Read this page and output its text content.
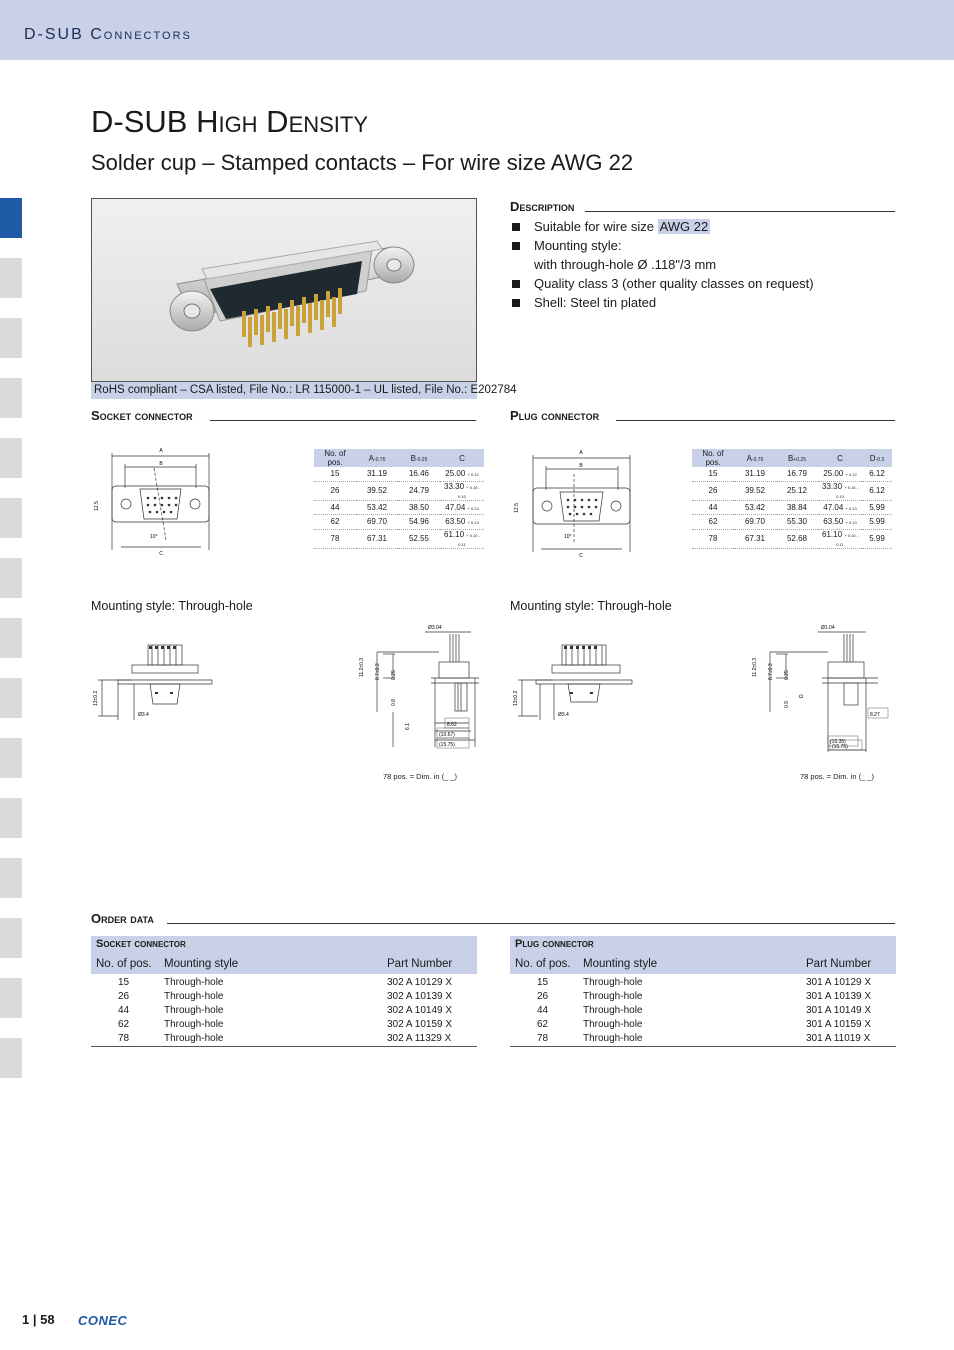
D-SUB Connectors
D-SUB High Density
Solder cup – Stamped contacts – For wire size AWG 22
RoHS compliant – CSA listed, File No.: LR 115000-1 – UL listed, File No.: E202784
Description
Suitable for wire size AWG 22
Mounting style:
with through-hole Ø .118"/3 mm
Quality class 3 (other quality classes on request)
Shell: Steel tin plated
Socket connector	Plug connector
A
B
C
12.5
10°
No. of pos.	A-0.76	B-0.25	C
15	31.19	16.46	25.00 + 0.12
26	39.52	24.79	33.30 + 0.15 - 0.10
44	53.42	38.50	47.04 + 0.13
62	69.70	54.96	63.50 + 0.13
78	67.31	52.55	61.10 + 0.10 - 0.11
A
B
C
12.5
10°
No. of pos.	A-0.76	B+0.25	C	D-0.3
15	31.19	16.79	25.00 + 0.12	6.12
26	39.52	25.12	33.30 + 0.15 - 0.10	6.12
44	53.42	38.84	47.04 + 0.13	5.99
62	69.70	55.30	63.50 + 0.13	5.99
78	67.31	52.68	61.10 + 0.10 - 0.11	5.99
Mounting style: Through-hole	Mounting style: Through-hole
13±0.2
Ø3.4
Ø3.04
11.2±0.3 8.7±0.3 0.25
0.8
6.1	8.62
(10.67)
(15.75)
78 pos. = Dim. in (_ _)
13±0.2
Ø3.4
Ø1.04
11.2±0.3 8.7±0.3 0.25
D
0.9
8.27
(10.35)
(15.75)
78 pos. = Dim. in (_ _)
Order data
Socket connector
No. of pos. Mounting style	Part Number
15	Through-hole	302 A 10129 X
26	Through-hole	302 A 10139 X
44	Through-hole	302 A 10149 X
62	Through-hole	302 A 10159 X
78	Through-hole	302 A 11329 X
Plug connector
No. of pos. Mounting style	Part Number
15	Through-hole	301 A 10129 X
26	Through-hole	301 A 10139 X
44	Through-hole	301 A 10149 X
62	Through-hole	301 A 10159 X
78	Through-hole	301 A 11019 X
1 | 58 CONEC
